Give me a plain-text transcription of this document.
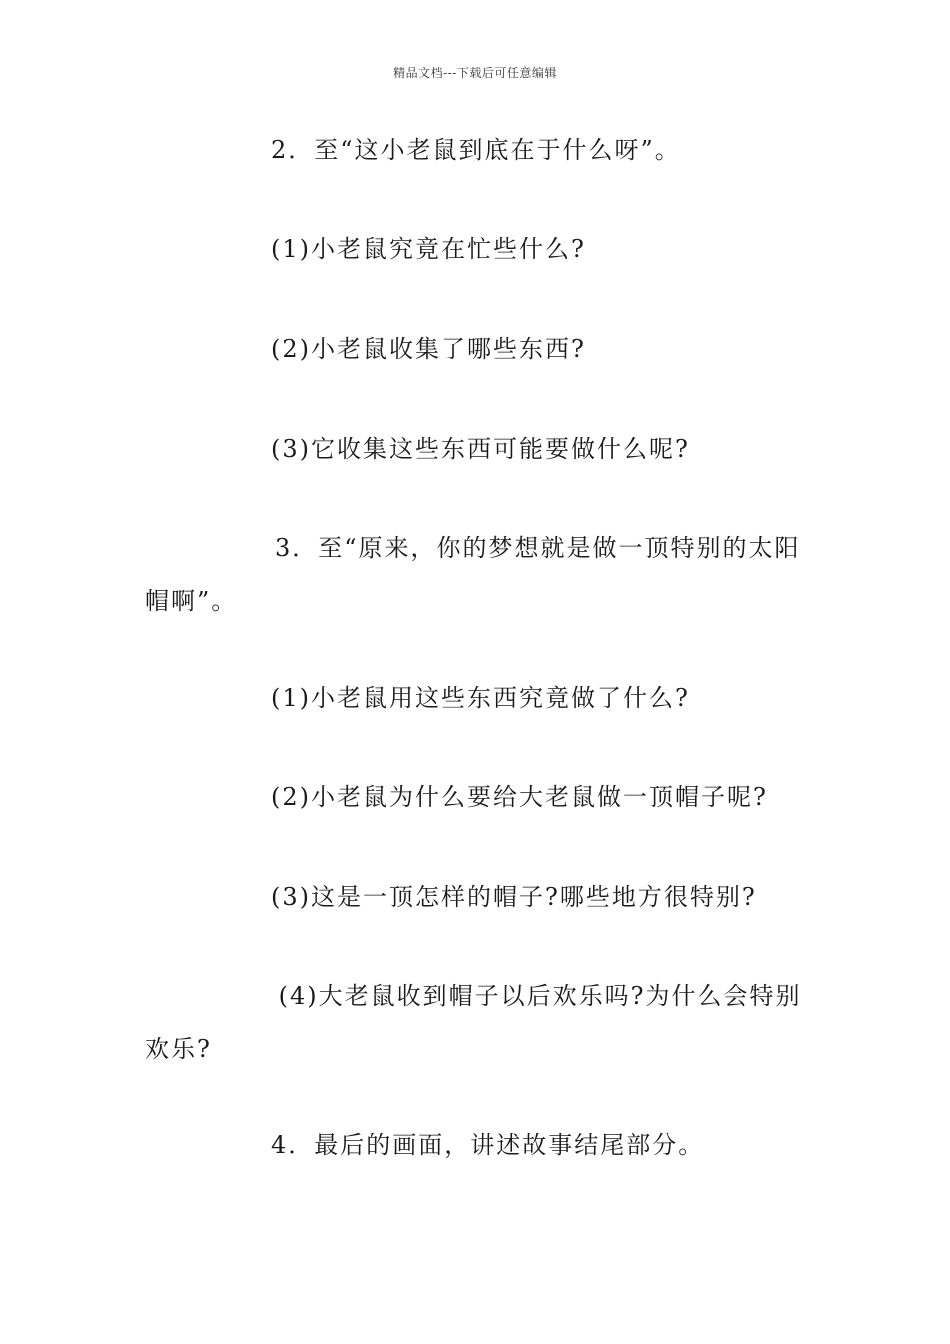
精品文档---下载后可任意编辑
2．至“这小老鼠到底在于什么呀”。
(1)小老鼠究竟在忙些什么?
(2)小老鼠收集了哪些东西?
(3)它收集这些东西可能要做什么呢?
3．至“原来，你的梦想就是做一顶特别的太阳
帽啊”。
(1)小老鼠用这些东西究竟做了什么?
(2)小老鼠为什么要给大老鼠做一顶帽子呢?
(3)这是一顶怎样的帽子?哪些地方很特别?
(4)大老鼠收到帽子以后欢乐吗?为什么会特别
欢乐?
4．最后的画面，讲述故事结尾部分。
